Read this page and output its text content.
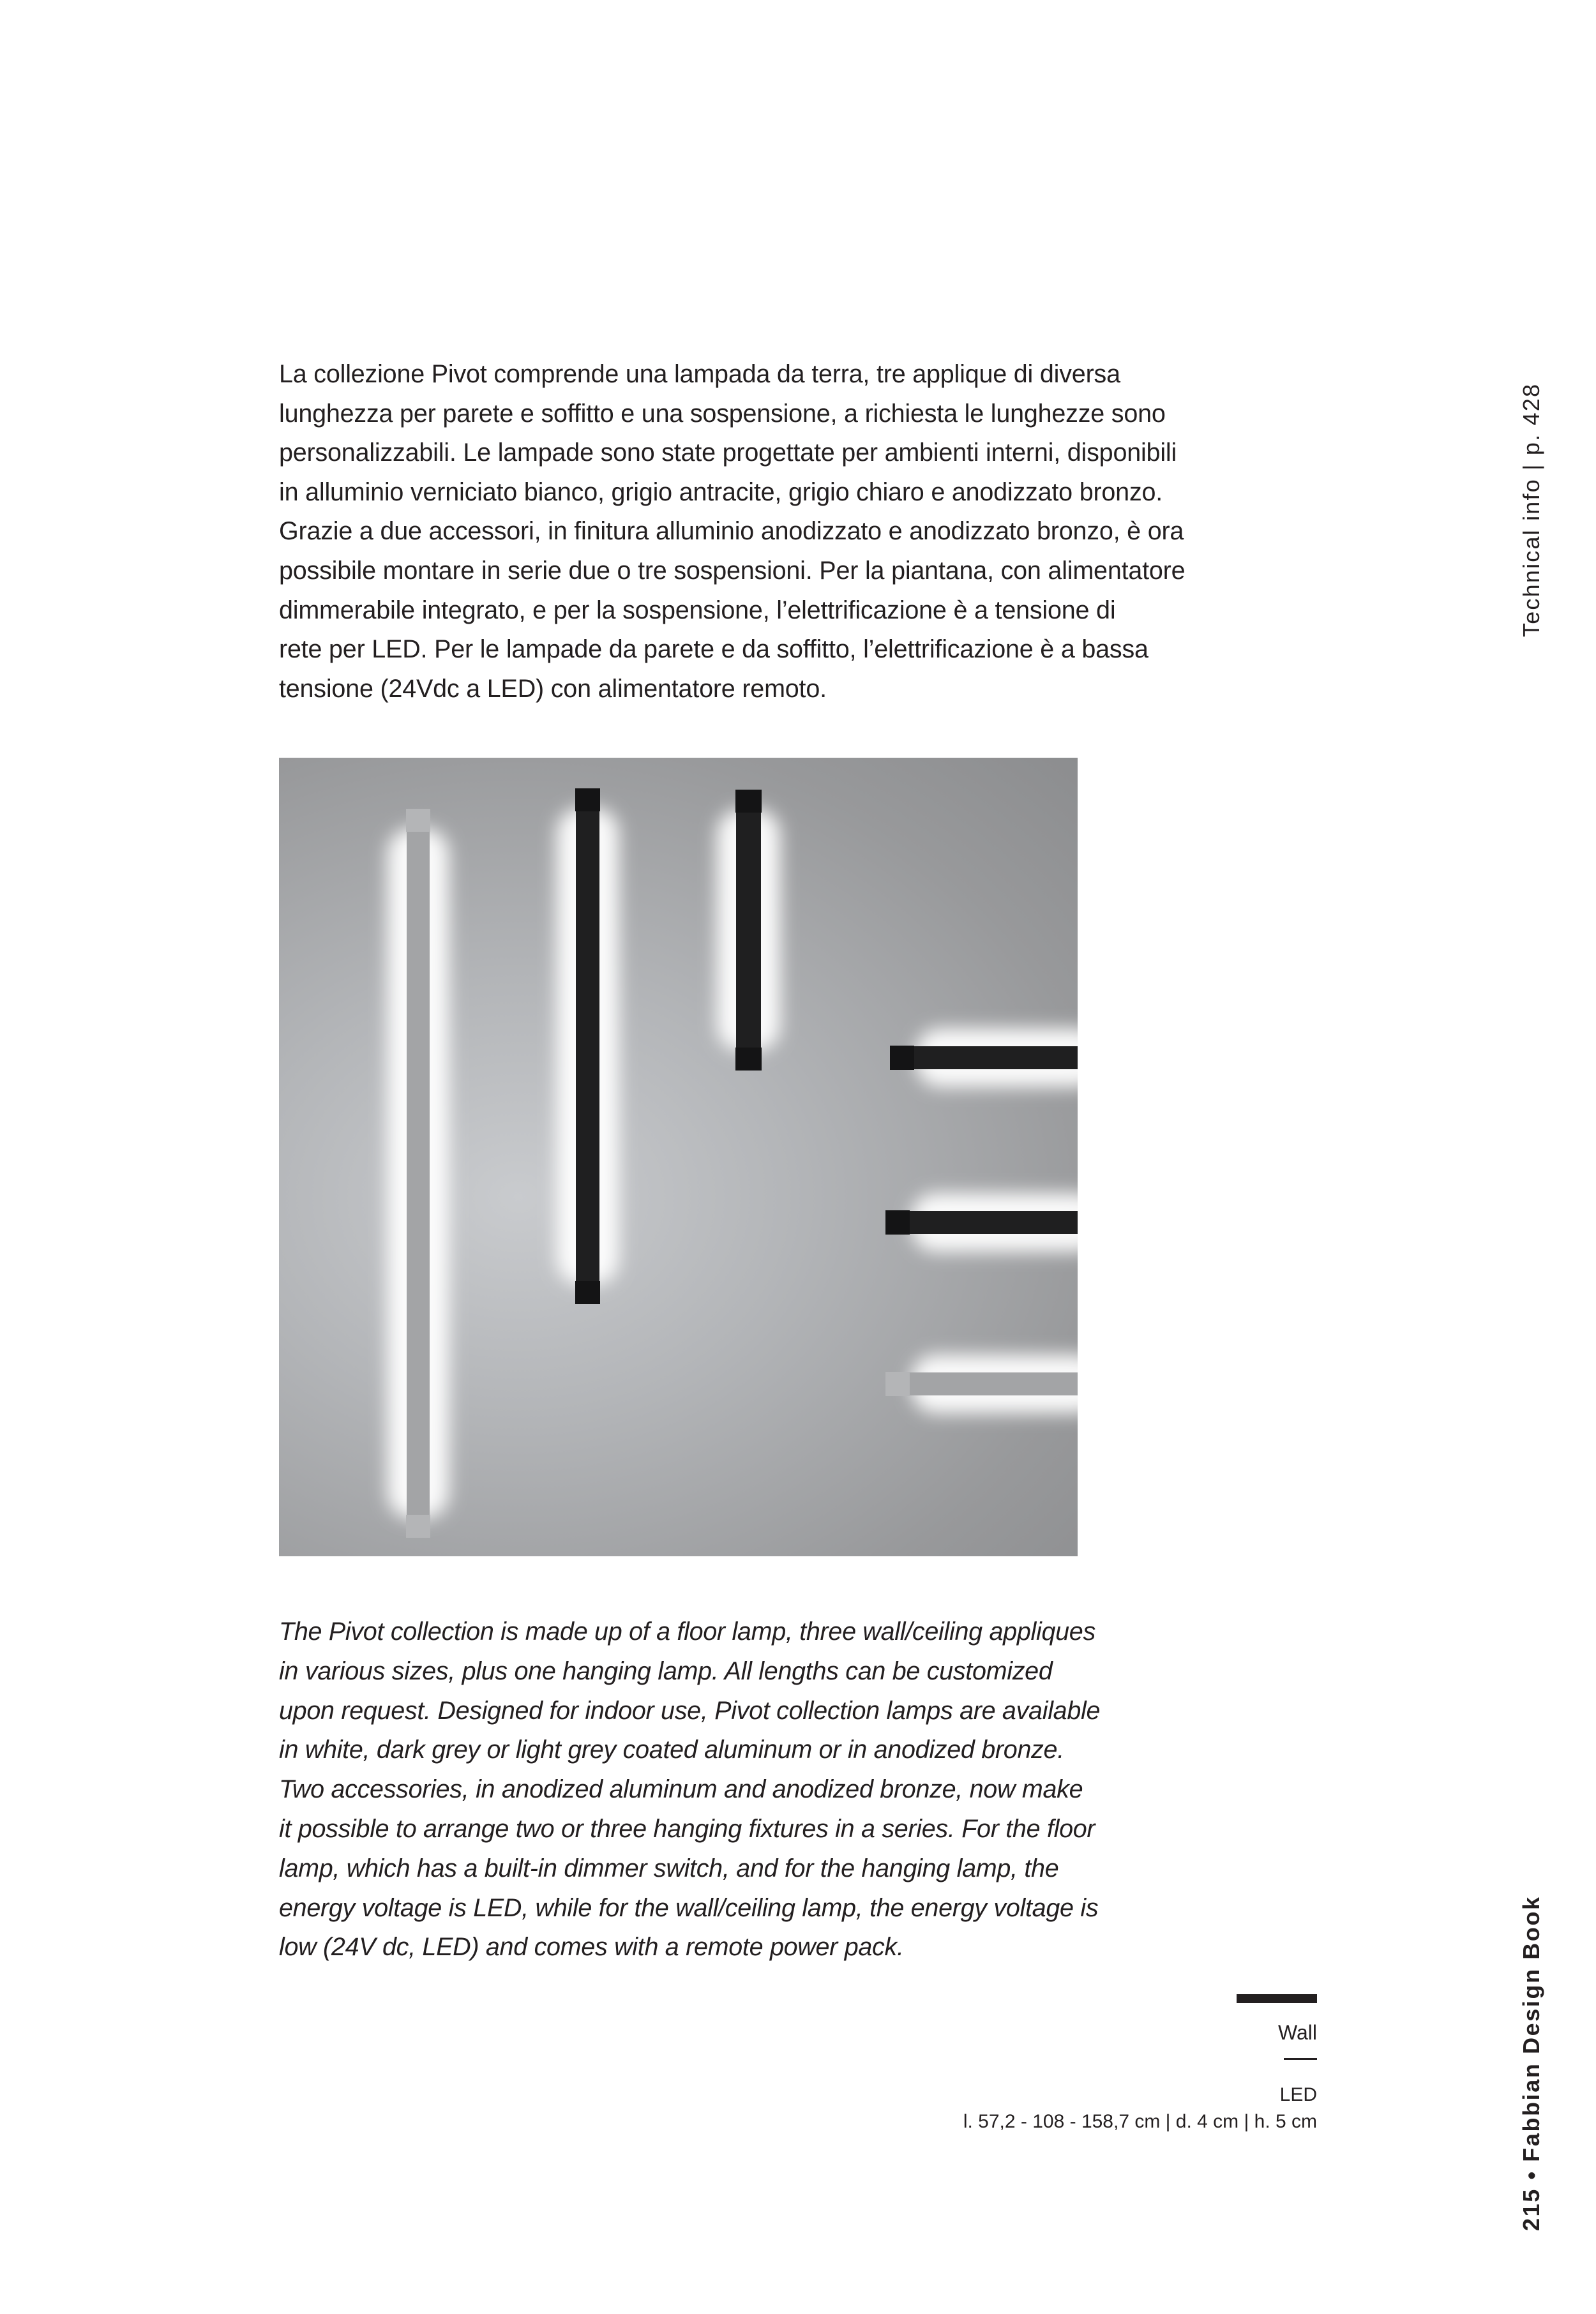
Technical info | p. 428
La collezione Pivot comprende una lampada da terra, tre applique di diversa
lunghezza per parete e soffitto e una sospensione, a richiesta le lunghezze sono
personalizzabili. Le lampade sono state progettate per ambienti interni, disponibili
in alluminio verniciato bianco, grigio antracite, grigio chiaro e anodizzato bronzo.
Grazie a due accessori, in finitura alluminio anodizzato e anodizzato bronzo, è ora
possibile montare in serie due o tre sospensioni. Per la piantana, con alimentatore
dimmerabile integrato, e per la sospensione, l’elettrificazione è a tensione di
rete per LED. Per le lampade da parete e da soffitto, l’elettrificazione è a bassa
tensione (24Vdc a LED) con alimentatore remoto.
The Pivot collection is made up of a floor lamp, three wall/ceiling appliques
in various sizes, plus one hanging lamp. All lengths can be customized
upon request. Designed for indoor use, Pivot collection lamps are available
in white, dark grey or light grey coated aluminum or in anodized bronze.
Two accessories, in anodized aluminum and anodized bronze, now make
it possible to arrange two or three hanging fixtures in a series. For the floor
lamp, which has a built-in dimmer switch, and for the hanging lamp, the
energy voltage is LED, while for the wall/ceiling lamp, the energy voltage is
low (24V dc, LED) and comes with a remote power pack.
Wall
LED
l. 57,2 - 108 - 158,7 cm | d. 4 cm | h. 5 cm	215 • Fabbian Design Book
